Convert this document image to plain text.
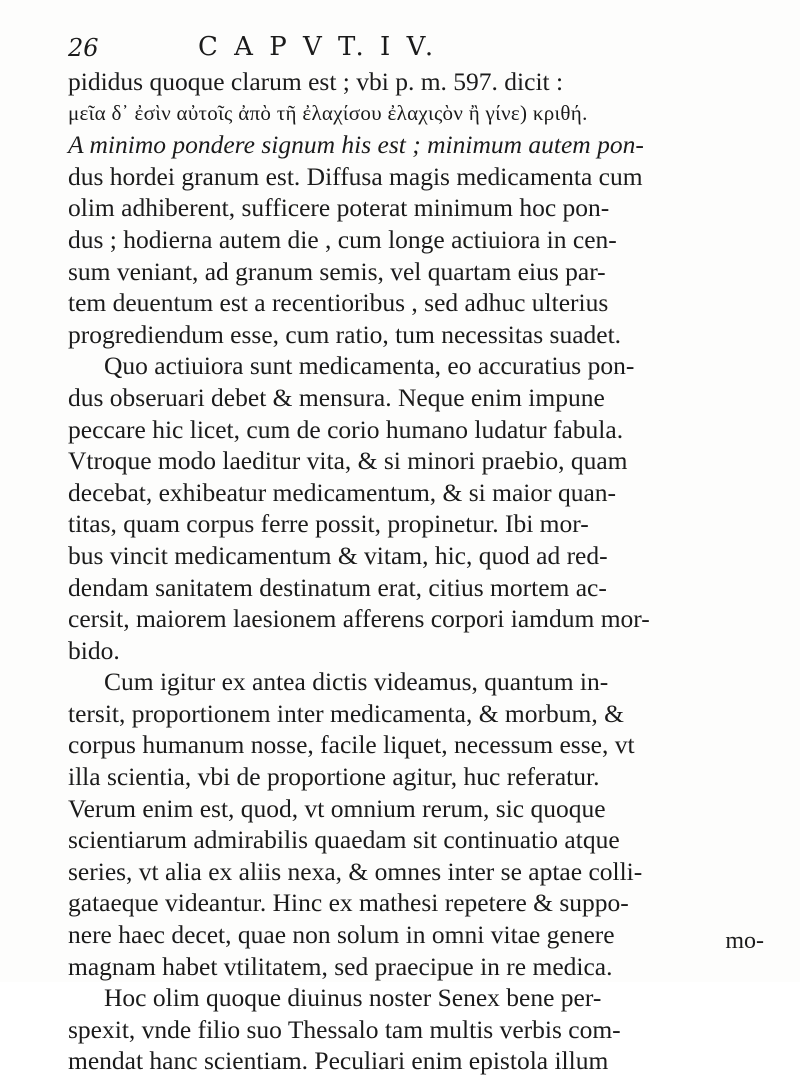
26	C A P V T. I V.
pididus quoque clarum est ; vbi p. m. 597. dicit :
μεῖα δ᾽ ἐσὶν αὐτοῖς ἀπὸ τῆ ἐλαχίσου ἐλαχιςὸν ἢ γίνε) κριθή.
A minimo pondere signum his est ; minimum autem pon-
dus hordei granum est. Diffusa magis medicamenta cum
olim adhiberent, sufficere poterat minimum hoc pon-
dus ; hodierna autem die , cum longe actiuiora in cen-
sum veniant, ad granum semis, vel quartam eius par-
tem deuentum est a recentioribus , sed adhuc ulterius
progrediendum esse, cum ratio, tum necessitas suadet.
Quo actiuiora sunt medicamenta, eo accuratius pon-
dus obseruari debet & mensura. Neque enim impune
peccare hic licet, cum de corio humano ludatur fabula.
Vtroque modo laeditur vita, & si minori praebio, quam
decebat, exhibeatur medicamentum, & si maior quan-
titas, quam corpus ferre possit, propinetur. Ibi mor-
bus vincit medicamentum & vitam, hic, quod ad red-
dendam sanitatem destinatum erat, citius mortem ac-
cersit, maiorem laesionem afferens corpori iamdum mor-
bido.
Cum igitur ex antea dictis videamus, quantum in-
tersit, proportionem inter medicamenta, & morbum, &
corpus humanum nosse, facile liquet, necessum esse, vt
illa scientia, vbi de proportione agitur, huc referatur.
Verum enim est, quod, vt omnium rerum, sic quoque
scientiarum admirabilis quaedam sit continuatio atque
series, vt alia ex aliis nexa, & omnes inter se aptae colli-
gataeque videantur. Hinc ex mathesi repetere & suppo-
nere haec decet, quae non solum in omni vitae genere
magnam habet vtilitatem, sed praecipue in re medica.
Hoc olim quoque diuinus noster Senex bene per-
spexit, vnde filio suo Thessalo tam multis verbis com-
mendat hanc scientiam. Peculiari enim epistola illum
mo-
